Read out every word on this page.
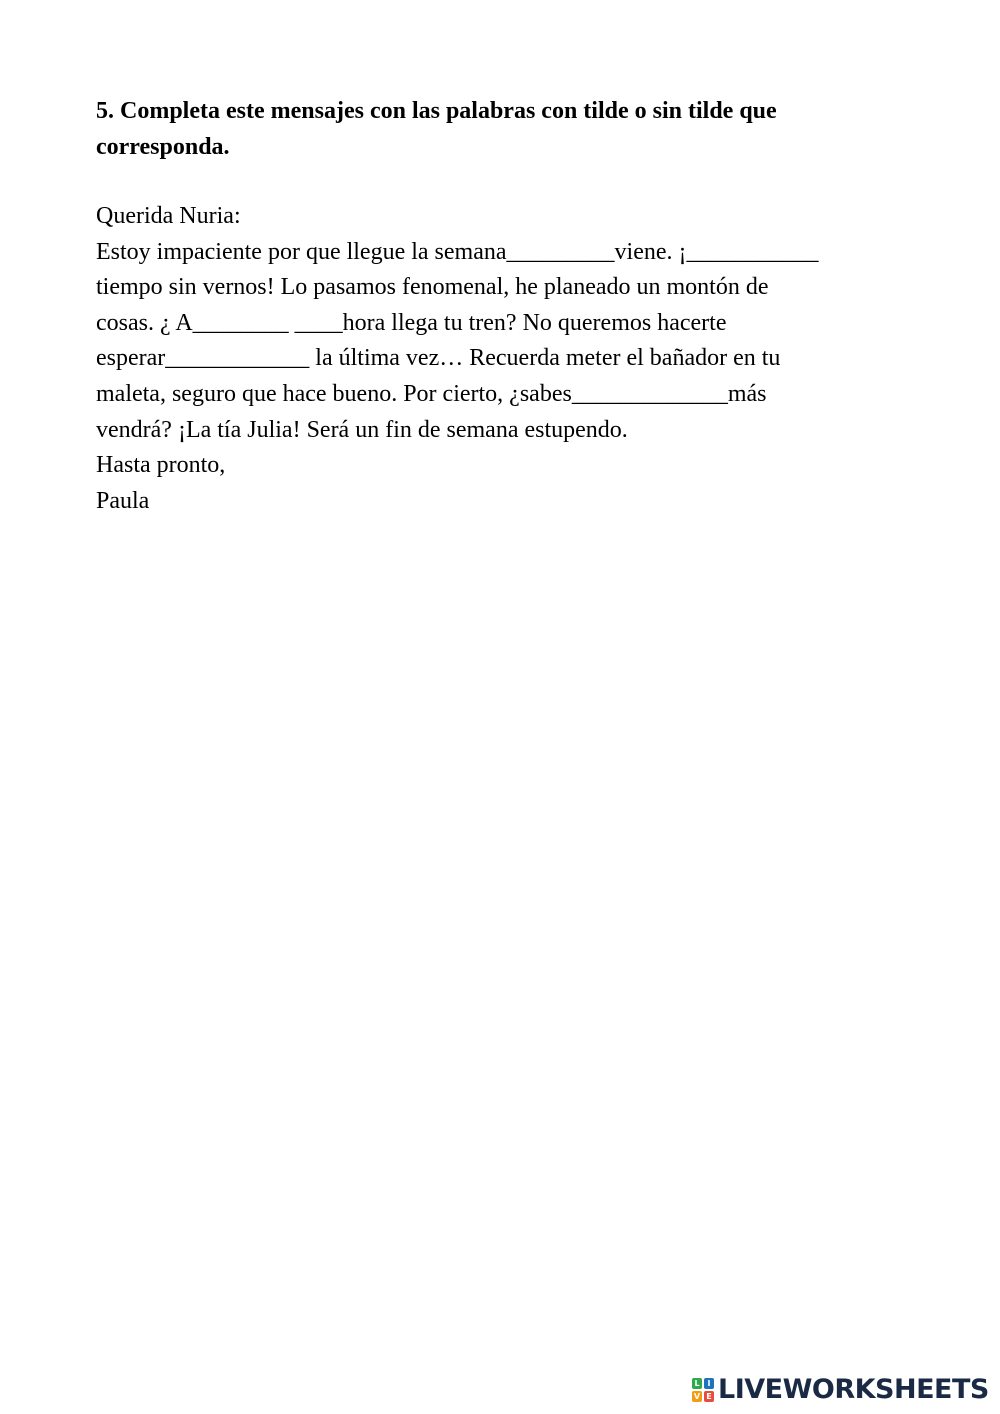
5. Completa este mensajes con las palabras con tilde o sin tilde que
corresponda.

Querida Nuria:

Estoy impaciente por que llegue la semana_________viene. ¡___________

tiempo sin vernos! Lo pasamos fenomenal, he planeado un montón de

cosas. ¿ A________ ____hora llega tu tren? No queremos hacerte

esperar____________ la última vez… Recuerda meter el bañador en tu

maleta, seguro que hace bueno. Por cierto, ¿sabes_____________más

vendrá? ¡La tía Julia! Será un fin de semana estupendo.

Hasta pronto,

Paula

L I
V E LIVEWORKSHEETS
